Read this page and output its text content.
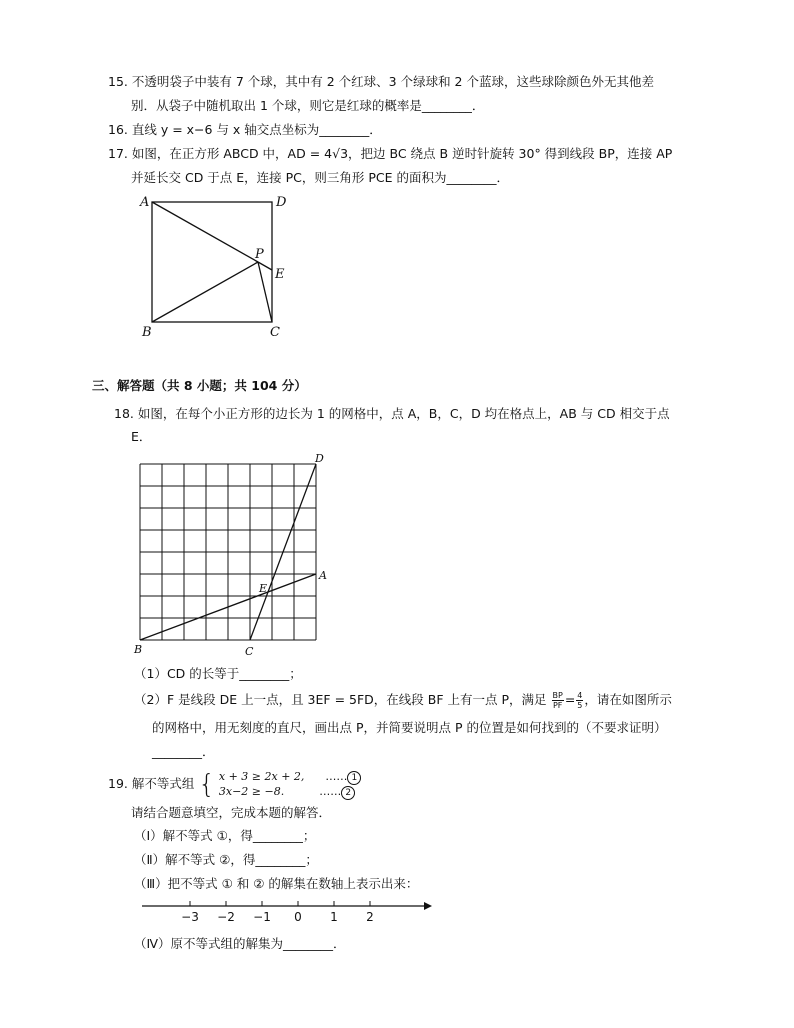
15. 不透明袋子中装有 7 个球，其中有 2 个红球、3 个绿球和 2 个蓝球，这些球除颜色外无其他差
别．从袋子中随机取出 1 个球，则它是红球的概率是________．
16. 直线 y = x−6 与 x 轴交点坐标为________．
17. 如图，在正方形 ABCD 中，AD = 4√3，把边 BC 绕点 B 逆时针旋转 30° 得到线段 BP，连接 AP
并延长交 CD 于点 E，连接 PC，则三角形 PCE 的面积为________．
A	D
P
E
B	C
三、解答题（共 8 小题；共 104 分）
18. 如图，在每个小正方形的边长为 1 的网格中，点 A，B，C，D 均在格点上，AB 与 CD 相交于点
E．
D
A
E
B	C
（1）CD 的长等于________；
（2）F 是线段 DE 上一点，且 3EF = 5FD，在线段 BF 上有一点 P，满足 $\frac{BP}{PF} = \frac{4}{5}$ ，请在如图所示
的网格中，用无刻度的直尺，画出点 P，并简要说明点 P 的位置是如何找到的（不要求证明）
________．
19. 解不等式组 { x + 3 ≥ 2x + 2, …… 1
3x−2 ≥ −8.	…… 2
请结合题意填空，完成本题的解答．
（Ⅰ）解不等式 ①，得________；
（Ⅱ）解不等式 ②，得________；
（Ⅲ）把不等式 ① 和 ② 的解集在数轴上表示出来：
−3 −2 −1 0 1 2
（Ⅳ）原不等式组的解集为________．
